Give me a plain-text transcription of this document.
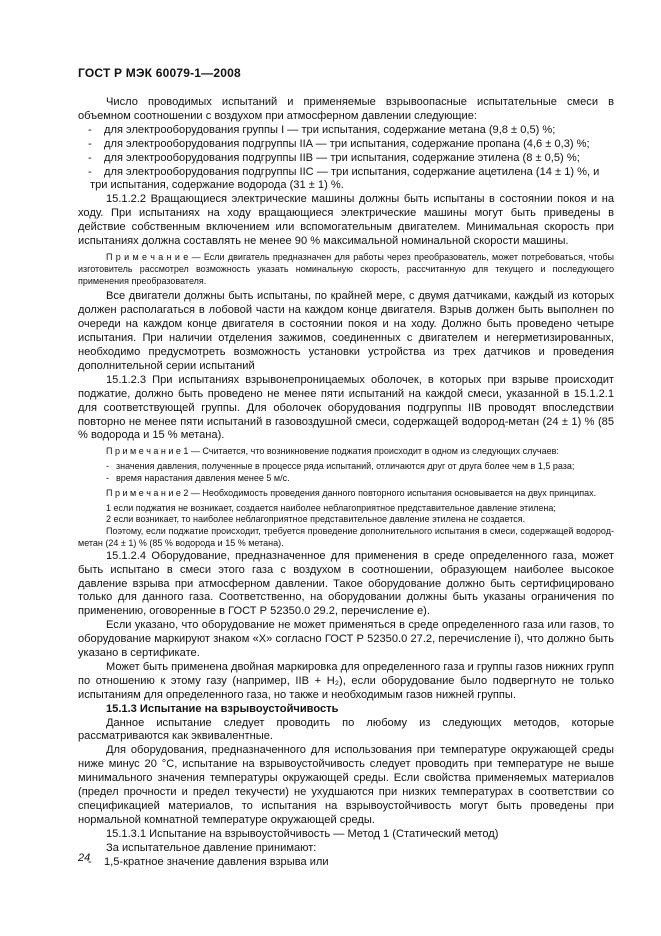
ГОСТ Р МЭК 60079-1—2008
Число проводимых испытаний и применяемые взрывоопасные испытательные смеси в объемном соотношении с воздухом при атмосферном давлении следующие:
- для электрооборудования группы I — три испытания, содержание метана (9,8 ± 0,5) %;
- для электрооборудования подгруппы IIA — три испытания, содержание пропана (4,6 ± 0,3) %;
- для электрооборудования подгруппы IIB — три испытания, содержание этилена (8 ± 0,5) %;
- для электрооборудования подгруппы IIC — три испытания, содержание ацетилена (14 ± 1) %, и три испытания, содержание водорода (31 ± 1) %.
15.1.2.2 Вращающиеся электрические машины должны быть испытаны в состоянии покоя и на ходу. При испытаниях на ходу вращающиеся электрические машины могут быть приведены в действие собственным включением или вспомогательным двигателем. Минимальная скорость при испытаниях должна составлять не менее 90 % максимальной номинальной скорости машины.
П р и м е ч а н и е — Если двигатель предназначен для работы через преобразователь, может потребоваться, чтобы изготовитель рассмотрел возможность указать номинальную скорость, рассчитанную для текущего и последующего применения преобразователя.
Все двигатели должны быть испытаны, по крайней мере, с двумя датчиками, каждый из которых должен располагаться в лобовой части на каждом конце двигателя. Взрыв должен быть выполнен по очереди на каждом конце двигателя в состоянии покоя и на ходу. Должно быть проведено четыре испытания. При наличии отделения зажимов, соединенных с двигателем и негерметизированных, необходимо предусмотреть возможность установки устройства из трех датчиков и проведения дополнительной серии испытаний
15.1.2.3 При испытаниях взрывонепроницаемых оболочек, в которых при взрыве происходит поджатие, должно быть проведено не менее пяти испытаний на каждой смеси, указанной в 15.1.2.1 для соответствующей группы. Для оболочек оборудования подгруппы IIB проводят впоследствии повторно не менее пяти испытаний в газовоздушной смеси, содержащей водород-метан (24 ± 1) % (85 % водорода и 15 % метана).
П р и м е ч а н и е 1 — Считается, что возникновение поджатия происходит в одном из следующих случаев:
- значения давления, полученные в процессе ряда испытаний, отличаются друг от друга более чем в 1,5 раза;
- время нарастания давления менее 5 м/с.
П р и м е ч а н и е 2 — Необходимость проведения данного повторного испытания основывается на двух принципах.
1 если поджатия не возникает, создается наиболее неблагоприятное представительное давление этилена;
2 если возникает, то наиболее неблагоприятное представительное давление этилена не создается.
Поэтому, если поджатие происходит, требуется проведение дополнительного испытания в смеси, содержащей водород-метан (24 ± 1) % (85 % водорода и 15 % метана).
15.1.2.4 Оборудование, предназначенное для применения в среде определенного газа, может быть испытано в смеси этого газа с воздухом в соотношении, образующем наиболее высокое давление взрыва при атмосферном давлении. Такое оборудование должно быть сертифицировано только для данного газа. Соответственно, на оборудовании должны быть указаны ограничения по применению, оговоренные в ГОСТ Р 52350.0 29.2, перечисление е).
Если указано, что оборудование не может применяться в среде определенного газа или газов, то оборудование маркируют знаком «X» согласно ГОСТ Р 52350.0 27.2, перечисление i), что должно быть указано в сертификате.
Может быть применена двойная маркировка для определенного газа и группы газов нижних групп по отношению к этому газу (например, IIB + H₂), если оборудование было подвергнуто не только испытаниям для определенного газа, но также и необходимым газов нижней группы.
15.1.3 Испытание на взрывоустойчивость
Данное испытание следует проводить по любому из следующих методов, которые рассматриваются как эквивалентные.
Для оборудования, предназначенного для использования при температуре окружающей среды ниже минус 20 °С, испытание на взрывоустойчивость следует проводить при температуре не выше минимального значения температуры окружающей среды. Если свойства применяемых материалов (предел прочности и предел текучести) не ухудшаются при низких температурах в соответствии со спецификацией материалов, то испытания на взрывоустойчивость могут быть проведены при нормальной комнатной температуре окружающей среды.
15.1.3.1 Испытание на взрывоустойчивость — Метод 1 (Статический метод)
За испытательное давление принимают:
- 1,5-кратное значение давления взрыва или
24
